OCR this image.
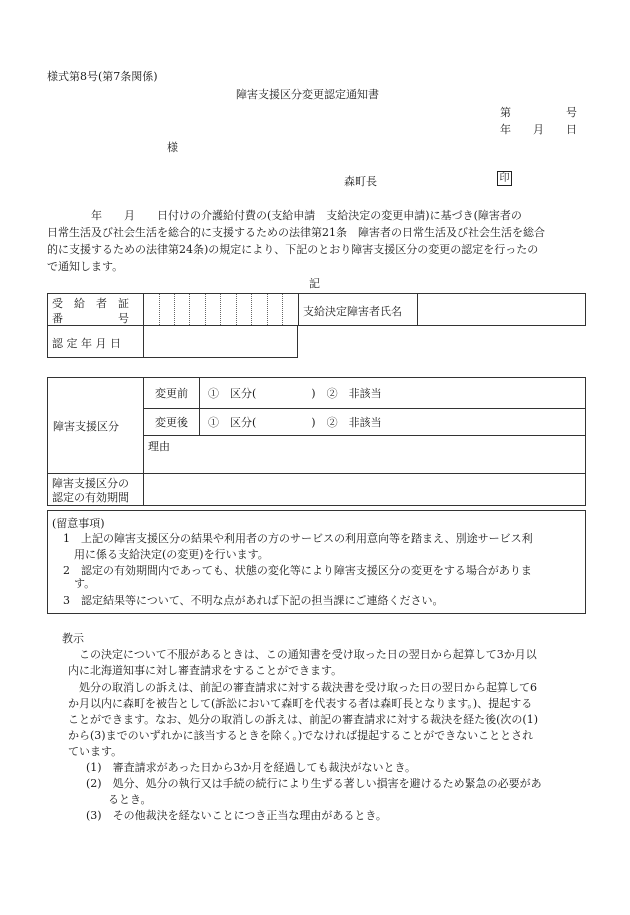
様式第8号(第7条関係)
障害支援区分変更認定通知書
第　　　　　号
年　　月　　日
様
森町長	印
　　　　年　　月　　日付けの介護給付費の(支給申請　支給決定の変更申請)に基づき(障害者の
日常生活及び社会生活を総合的に支援するための法律第21条　障害者の日常生活及び社会生活を総合
的に支援するための法律第24条)の規定により、下記のとおり障害支援区分の変更の認定を行ったの
で通知します。
記
受　給　者　証
番　　　　　号
支給決定障害者氏名
認 定 年 月 日
障害支援区分
変更前
変更後
①　区分(　　　　　)　②　非該当
①　区分(　　　　　)　②　非該当
理由
障害支援区分の
認定の有効期間
(留意事項)
　1　上記の障害支援区分の結果や利用者の方のサービスの利用意向等を踏まえ、別途サービス利
　　用に係る支給決定(の変更)を行います。
　2　認定の有効期間内であっても、状態の変化等により障害支援区分の変更をする場合がありま
　　す。
　3　認定結果等について、不明な点があれば下記の担当課にご連絡ください。
教示
　この決定について不服があるときは、この通知書を受け取った日の翌日から起算して3か月以
内に北海道知事に対し審査請求をすることができます。
　処分の取消しの訴えは、前記の審査請求に対する裁決書を受け取った日の翌日から起算して6
か月以内に森町を被告として(訴訟において森町を代表する者は森町長となります。)、提起する
ことができます。なお、処分の取消しの訴えは、前記の審査請求に対する裁決を経た後(次の(1)
から(3)までのいずれかに該当するときを除く。)でなければ提起することができないこととされ
ています。
(1)　審査請求があった日から3か月を経過しても裁決がないとき。
(2)　処分、処分の執行又は手続の続行により生ずる著しい損害を避けるため緊急の必要があ
　　るとき。
(3)　その他裁決を経ないことにつき正当な理由があるとき。
